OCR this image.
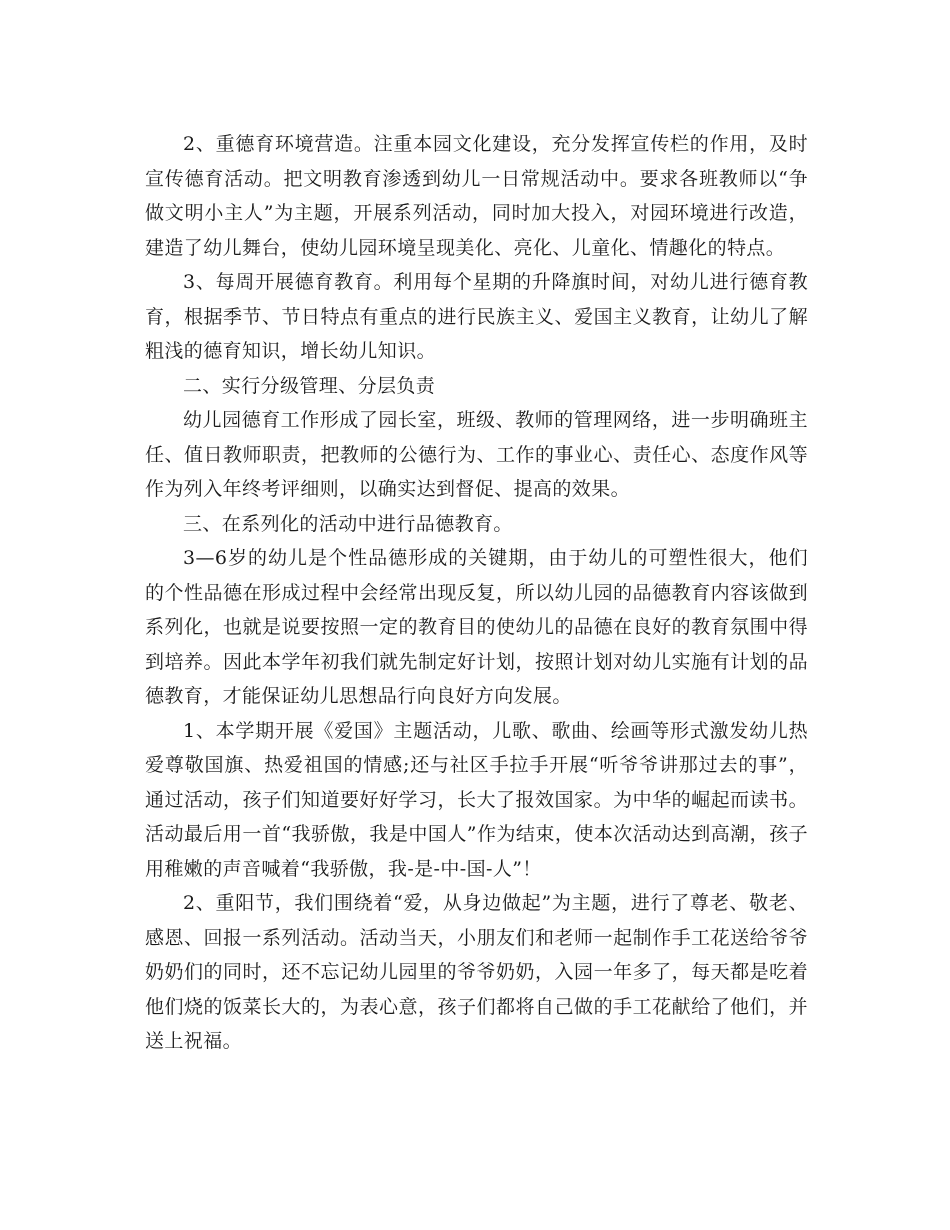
2、重德育环境营造。注重本园文化建设，充分发挥宣传栏的作用，及时宣传德育活动。把文明教育渗透到幼儿一日常规活动中。要求各班教师以“争做文明小主人”为主题，开展系列活动，同时加大投入，对园环境进行改造，建造了幼儿舞台，使幼儿园环境呈现美化、亮化、儿童化、情趣化的特点。

3、每周开展德育教育。利用每个星期的升降旗时间，对幼儿进行德育教育，根据季节、节日特点有重点的进行民族主义、爱国主义教育，让幼儿了解粗浅的德育知识，增长幼儿知识。

二、实行分级管理、分层负责

幼儿园德育工作形成了园长室，班级、教师的管理网络，进一步明确班主任、值日教师职责，把教师的公德行为、工作的事业心、责任心、态度作风等作为列入年终考评细则，以确实达到督促、提高的效果。

三、在系列化的活动中进行品德教育。

3—6岁的幼儿是个性品德形成的关键期，由于幼儿的可塑性很大，他们的个性品德在形成过程中会经常出现反复，所以幼儿园的品德教育内容该做到系列化，也就是说要按照一定的教育目的使幼儿的品德在良好的教育氛围中得到培养。因此本学年初我们就先制定好计划，按照计划对幼儿实施有计划的品德教育，才能保证幼儿思想品行向良好方向发展。

1、本学期开展《爱国》主题活动，儿歌、歌曲、绘画等形式激发幼儿热爱尊敬国旗、热爱祖国的情感;还与社区手拉手开展“听爷爷讲那过去的事”，通过活动，孩子们知道要好好学习，长大了报效国家。为中华的崛起而读书。活动最后用一首“我骄傲，我是中国人”作为结束，使本次活动达到高潮，孩子用稚嫩的声音喊着“我骄傲，我-是-中-国-人”！

2、重阳节，我们围绕着“爱，从身边做起”为主题，进行了尊老、敬老、感恩、回报一系列活动。活动当天，小朋友们和老师一起制作手工花送给爷爷奶奶们的同时，还不忘记幼儿园里的爷爷奶奶，入园一年多了，每天都是吃着他们烧的饭菜长大的，为表心意，孩子们都将自己做的手工花献给了他们，并送上祝福。
